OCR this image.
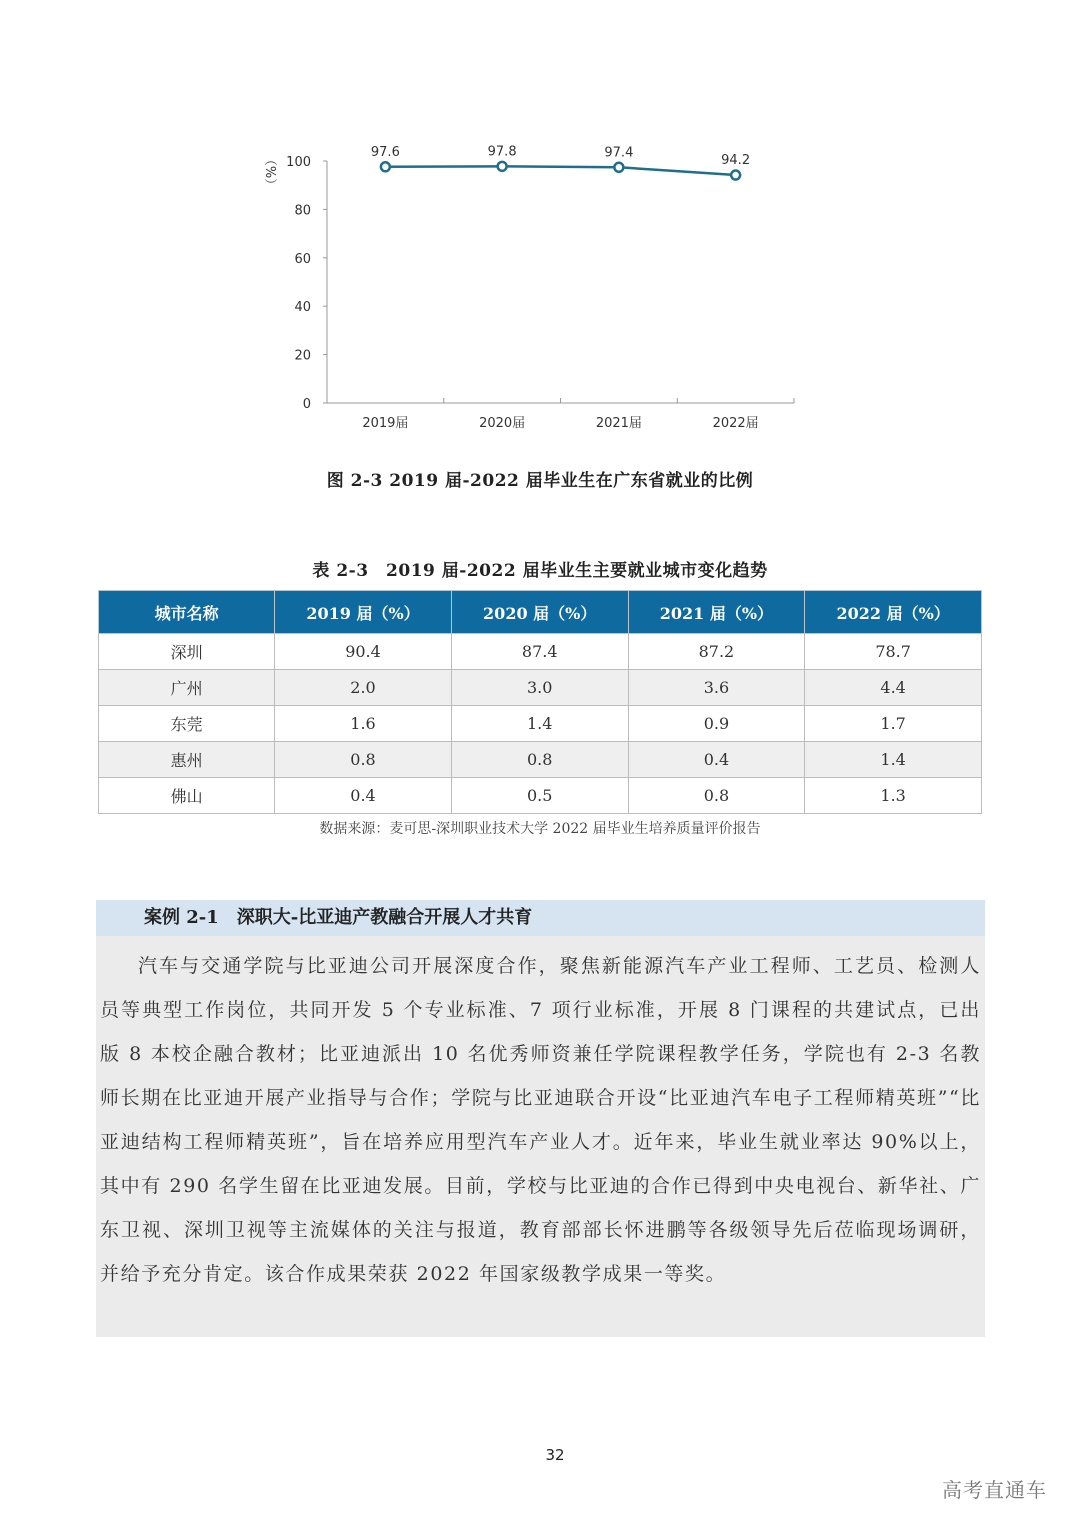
（%）
0
20
40
60
80
100
2019届	2020届	2021届	2022届
97.6	97.8	97.4
94.2
图 2-3 2019 届-2022 届毕业生在广东省就业的比例
表 2-3　2019 届-2022 届毕业生主要就业城市变化趋势
城市名称	2019 届（%）	2020 届（%）	2021 届（%）	2022 届（%）
深圳	90.4	87.4	87.2	78.7
广州	2.0	3.0	3.6	4.4
东莞	1.6	1.4	0.9	1.7
惠州	0.8	0.8	0.4	1.4
佛山	0.4	0.5	0.8	1.3
数据来源：麦可思-深圳职业技术大学 2022 届毕业生培养质量评价报告
案例 2-1　深职大-比亚迪产教融合开展人才共育
汽车与交通学院与比亚迪公司开展深度合作，聚焦新能源汽车产业工程师、工艺员、检测人员等典型工作岗位，共同开发 5 个专业标准、7 项行业标准，开展 8 门课程的共建试点，已出版 8 本校企融合教材；比亚迪派出 10 名优秀师资兼任学院课程教学任务，学院也有 2-3 名教师长期在比亚迪开展产业指导与合作；学院与比亚迪联合开设“比亚迪汽车电子工程师精英班”“比亚迪结构工程师精英班”，旨在培养应用型汽车产业人才。近年来，毕业生就业率达 90%以上，其中有 290 名学生留在比亚迪发展。目前，学校与比亚迪的合作已得到中央电视台、新华社、广东卫视、深圳卫视等主流媒体的关注与报道，教育部部长怀进鹏等各级领导先后莅临现场调研，并给予充分肯定。该合作成果荣获 2022 年国家级教学成果一等奖。
32
高考直通车
